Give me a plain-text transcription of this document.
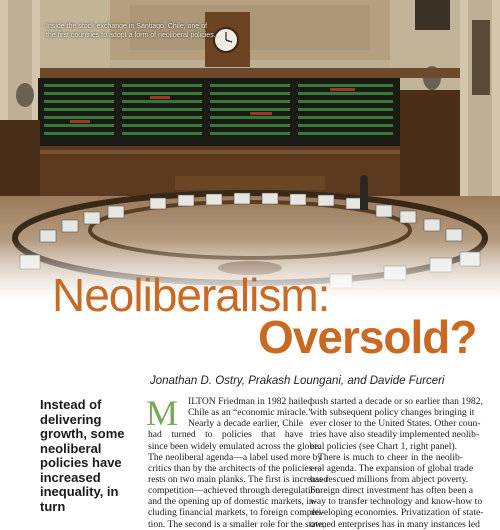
Inside the stock exchange in Santiago, Chile, one of the first countries to adopt a form of neoliberal policies.
Neoliberalism:
Oversold?
Jonathan D. Ostry, Prakash Loungani, and Davide Furceri
Instead of delivering growth, some neoliberal policies have increased inequality, in turn
M	ILTON Friedman in 1982 hailed
Chile as an “economic miracle.”
Nearly a decade earlier, Chile
had turned to policies that have
since been widely emulated across the globe.
The neoliberal agenda—a label used more by
critics than by the architects of the policies—
rests on two main planks. The first is increased
competition—achieved through deregulation
and the opening up of domestic markets, in-
cluding financial markets, to foreign competi-
tion. The second is a smaller role for the state,
push started a decade or so earlier than 1982,
with subsequent policy changes bringing it
ever closer to the United States. Other coun-
tries have also steadily implemented neolib-
eral policies (see Chart 1, right panel).
There is much to cheer in the neolib-
eral agenda. The expansion of global trade
has rescued millions from abject poverty.
Foreign direct investment has often been a
way to transfer technology and know-how to
developing economies. Privatization of state-
owned enterprises has in many instances led
